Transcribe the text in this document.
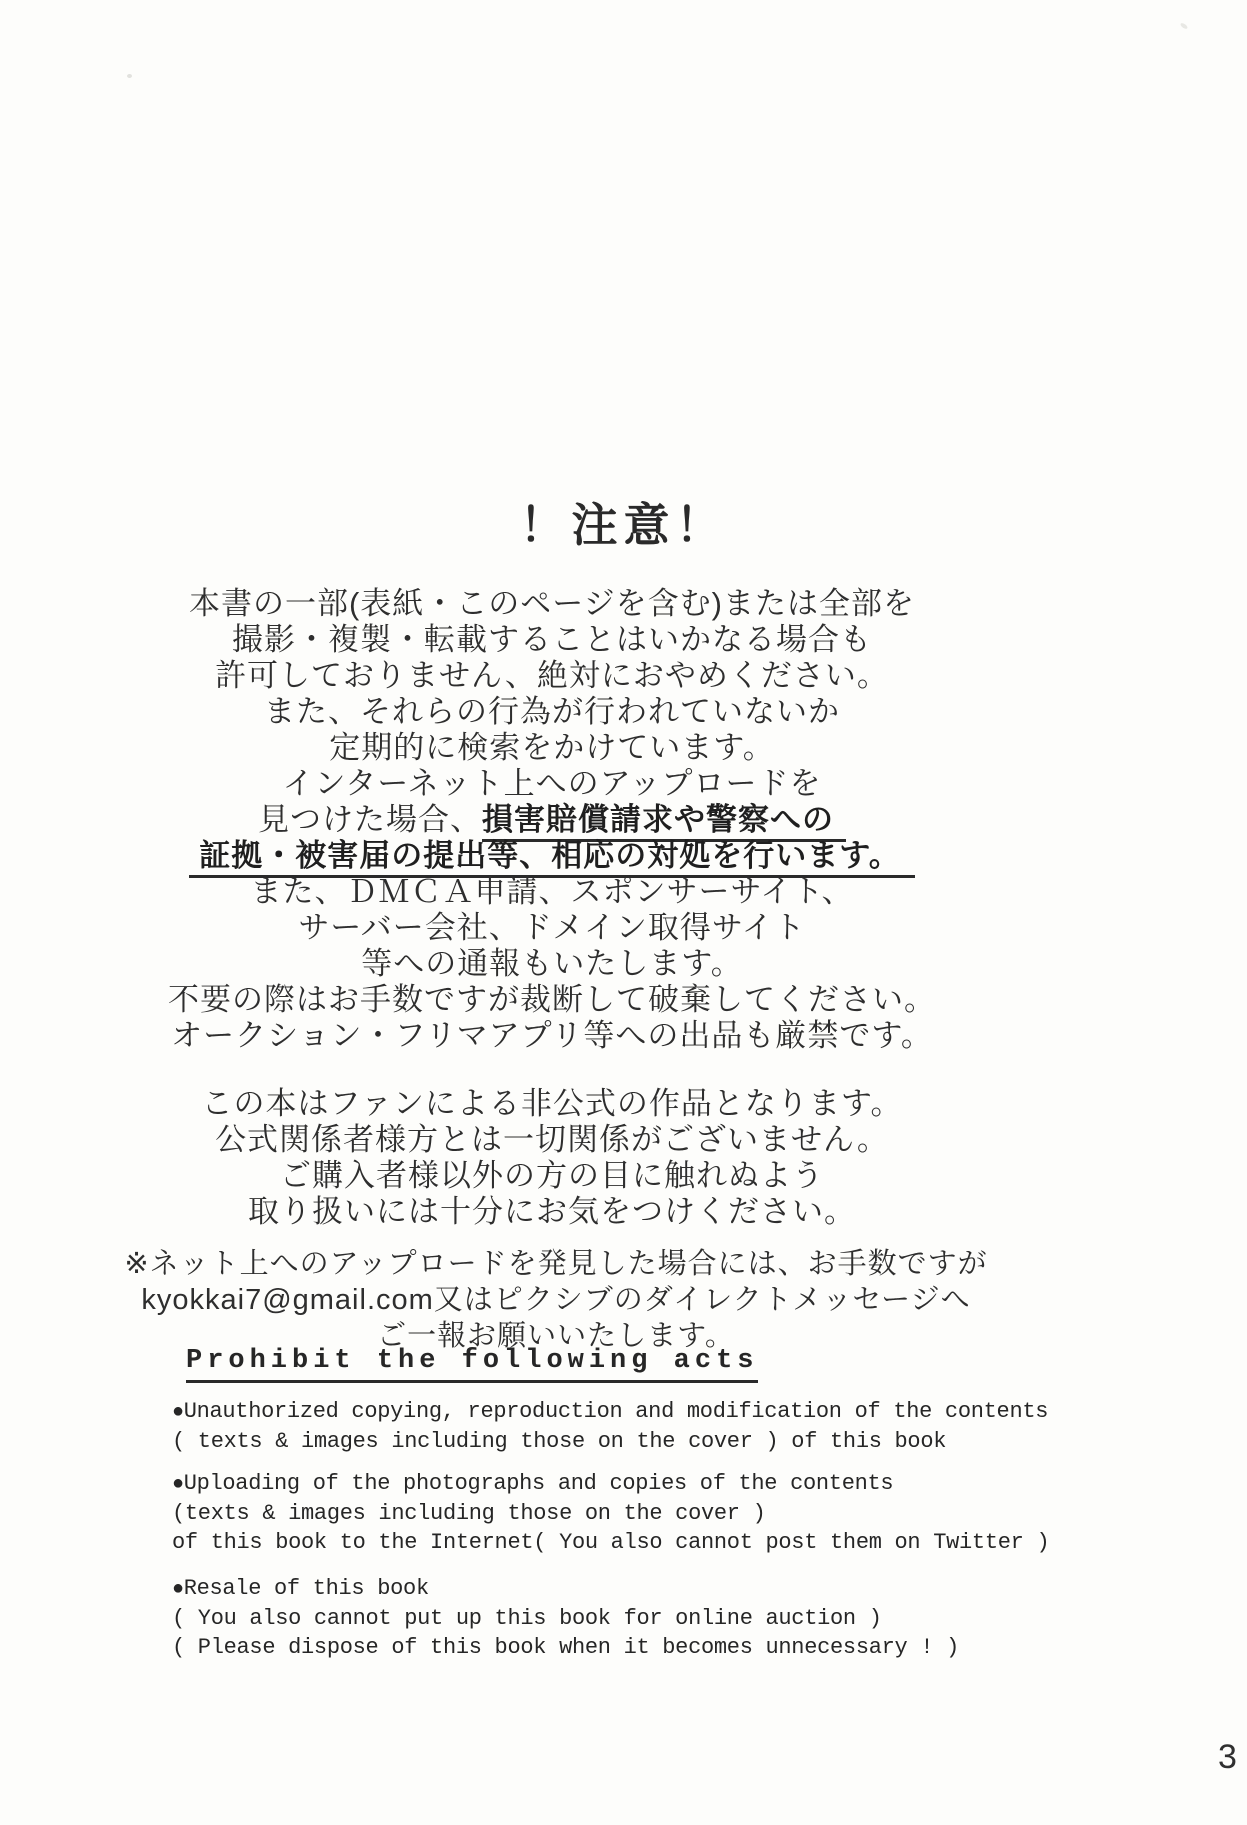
！注意！
本書の一部(表紙・このページを含む)または全部を
撮影・複製・転載することはいかなる場合も
許可しておりません、絶対におやめください。
また、それらの行為が行われていないか
定期的に検索をかけています。
インターネット上へのアップロードを
見つけた場合、損害賠償請求や警察への
証拠・被害届の提出等、相応の対処を行います。
また、ＤＭＣＡ申請、スポンサーサイト、
サーバー会社、ドメイン取得サイト
等への通報もいたします。
不要の際はお手数ですが裁断して破棄してください。
オークション・フリマアプリ等への出品も厳禁です。
この本はファンによる非公式の作品となります。
公式関係者様方とは一切関係がございません。
ご購入者様以外の方の目に触れぬよう
取り扱いには十分にお気をつけください。
※ネット上へのアップロードを発見した場合には、お手数ですが
kyokkai7@gmail.com又はピクシブのダイレクトメッセージへ
ご一報お願いいたします。
Prohibit the following acts
●Unauthorized copying, reproduction and modification of the contents
( texts & images including those on the cover ) of this book
●Uploading of the photographs and copies of the contents
(texts & images including those on the cover )
of this book to the Internet( You also cannot post them on Twitter )
●Resale of this book
( You also cannot put up this book for online auction )
( Please dispose of this book when it becomes unnecessary ! )
3
